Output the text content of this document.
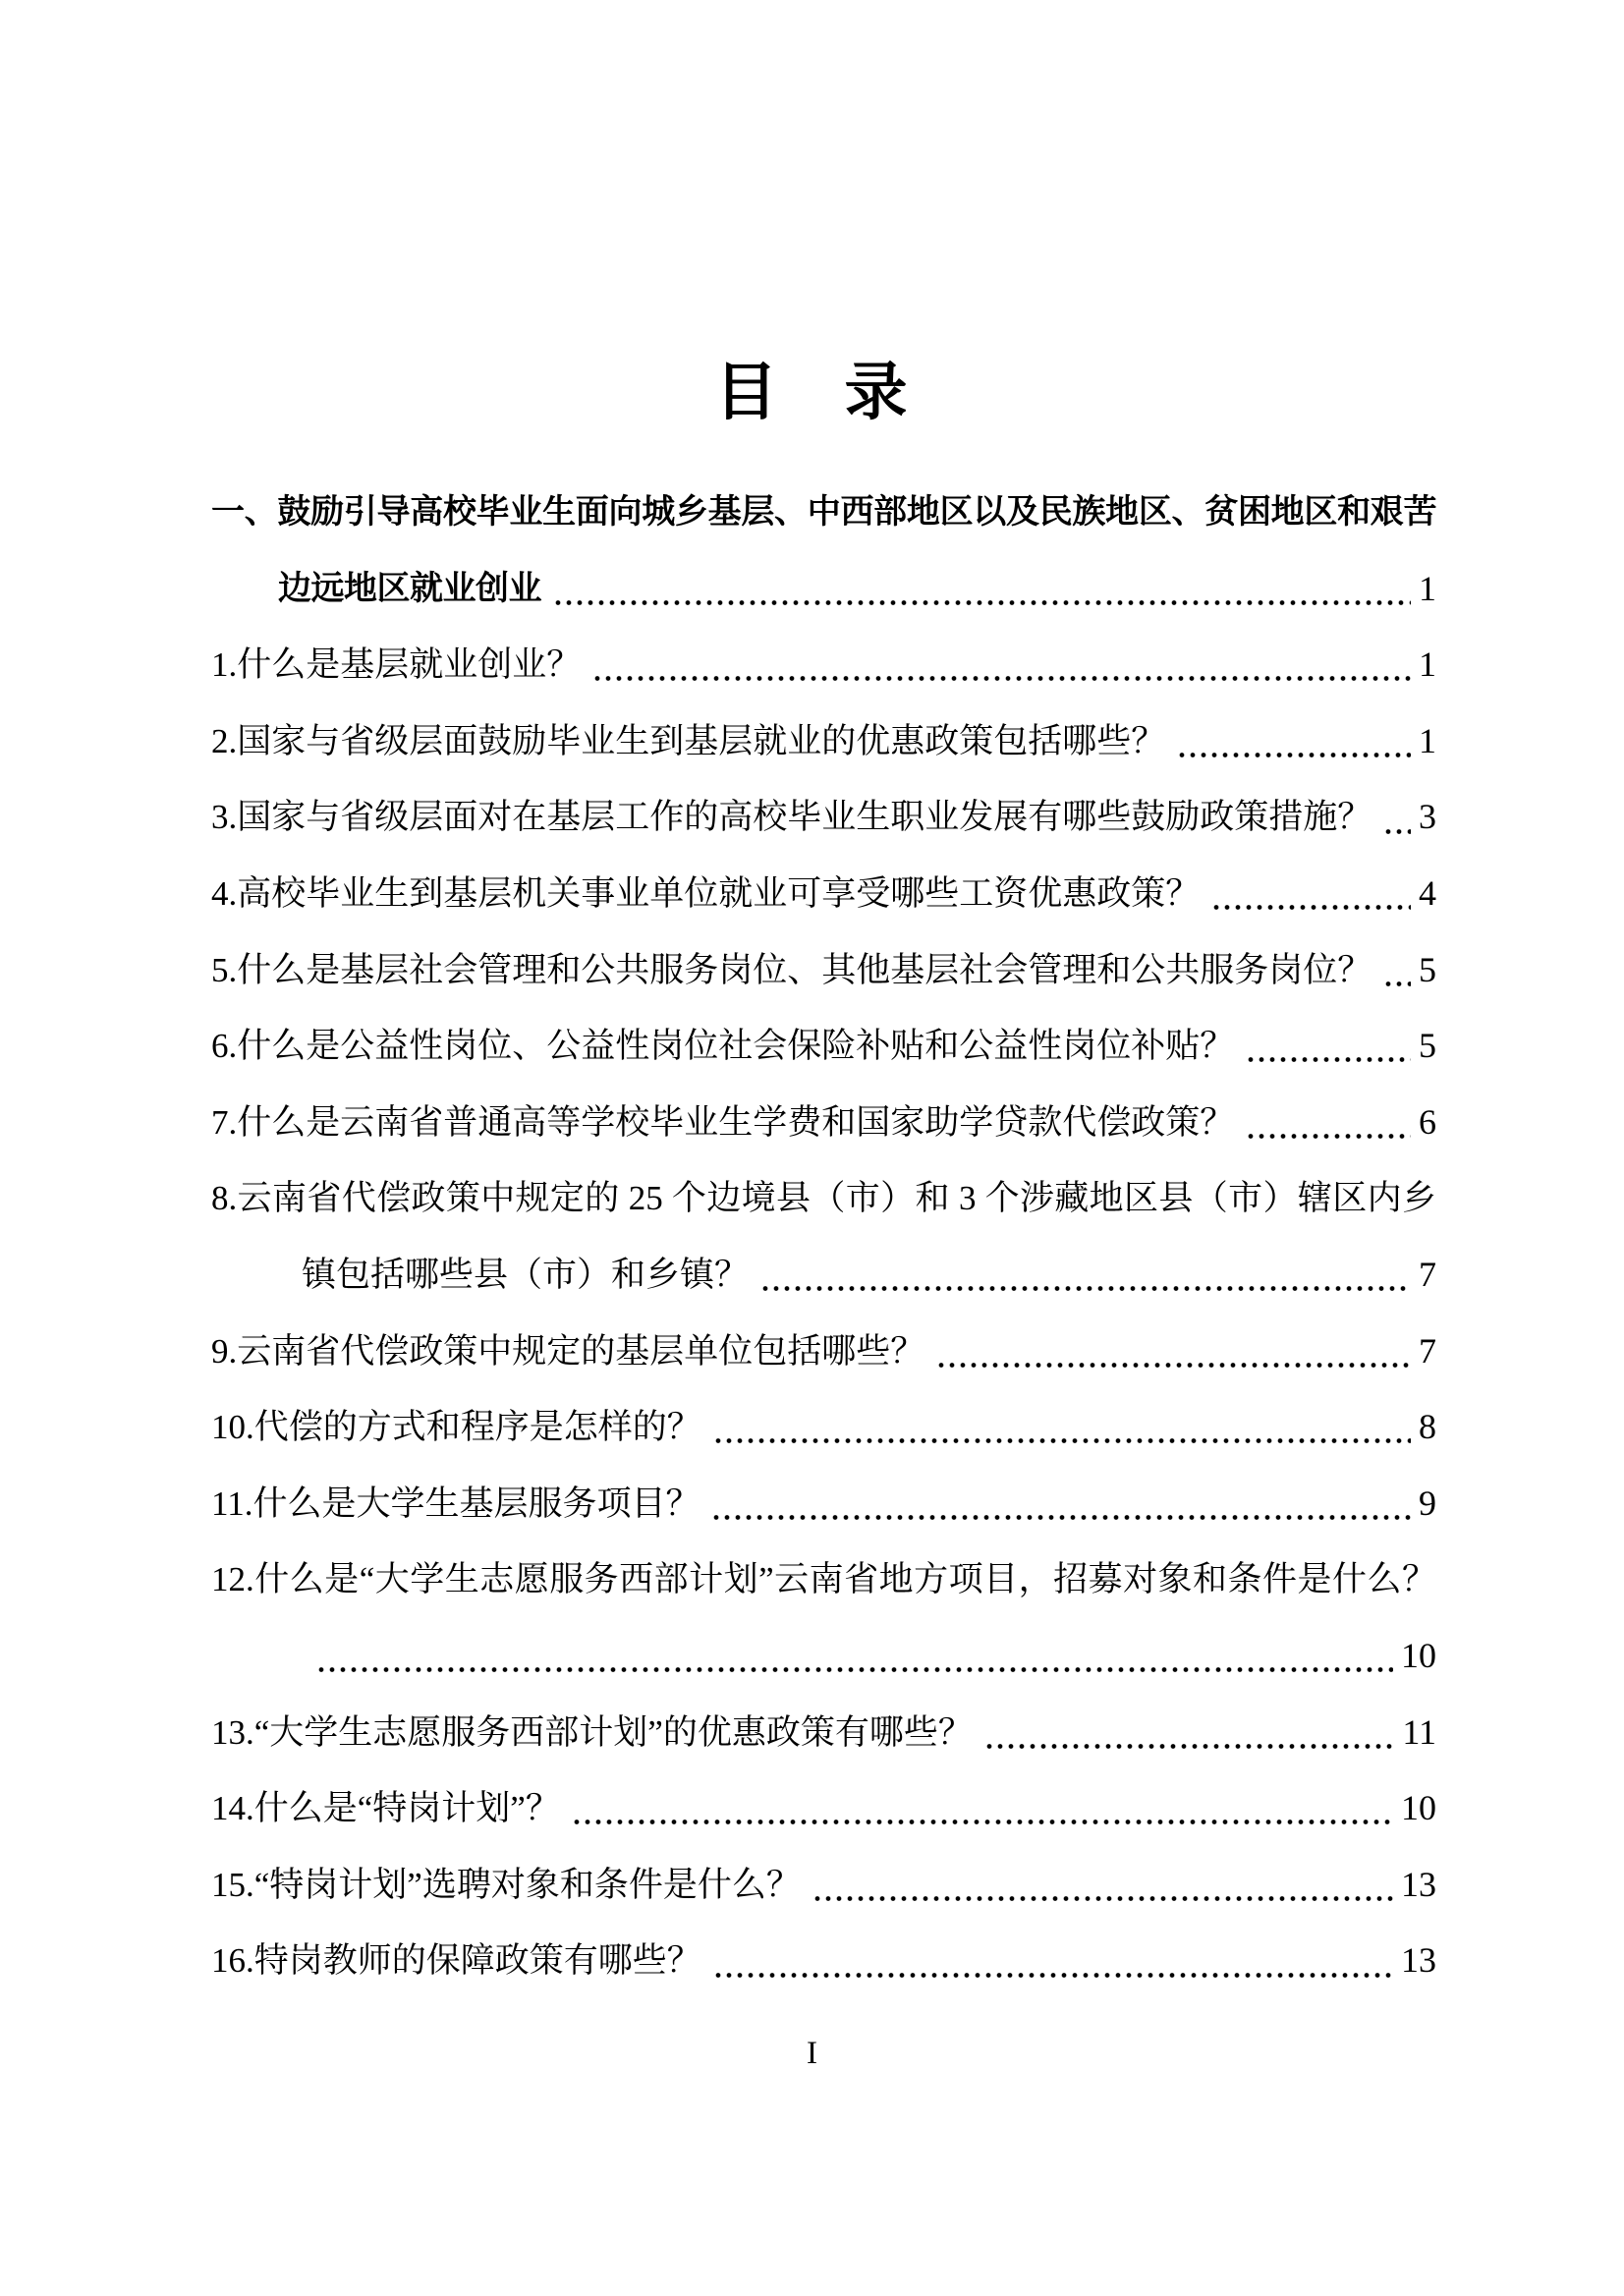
目　录
一、鼓励引导高校毕业生面向城乡基层、中西部地区以及民族地区、贫困地区和艰苦
边远地区就业创业	1
1.什么是基层就业创业？	1
2.国家与省级层面鼓励毕业生到基层就业的优惠政策包括哪些？	1
3.国家与省级层面对在基层工作的高校毕业生职业发展有哪些鼓励政策措施？ 3
4.高校毕业生到基层机关事业单位就业可享受哪些工资优惠政策？	4
5.什么是基层社会管理和公共服务岗位、其他基层社会管理和公共服务岗位？ 5
6.什么是公益性岗位、公益性岗位社会保险补贴和公益性岗位补贴？	5
7.什么是云南省普通高等学校毕业生学费和国家助学贷款代偿政策？	6
8.云南省代偿政策中规定的 25 个边境县（市）和 3 个涉藏地区县（市）辖区内乡
镇包括哪些县（市）和乡镇？	7
9.云南省代偿政策中规定的基层单位包括哪些？	7
10.代偿的方式和程序是怎样的？	8
11.什么是大学生基层服务项目？	9
12.什么是“大学生志愿服务西部计划”云南省地方项目，招募对象和条件是什么？
10
13.“大学生志愿服务西部计划”的优惠政策有哪些？	11
14.什么是“特岗计划”？	10
15.“特岗计划”选聘对象和条件是什么？	13
16.特岗教师的保障政策有哪些？	13
I
